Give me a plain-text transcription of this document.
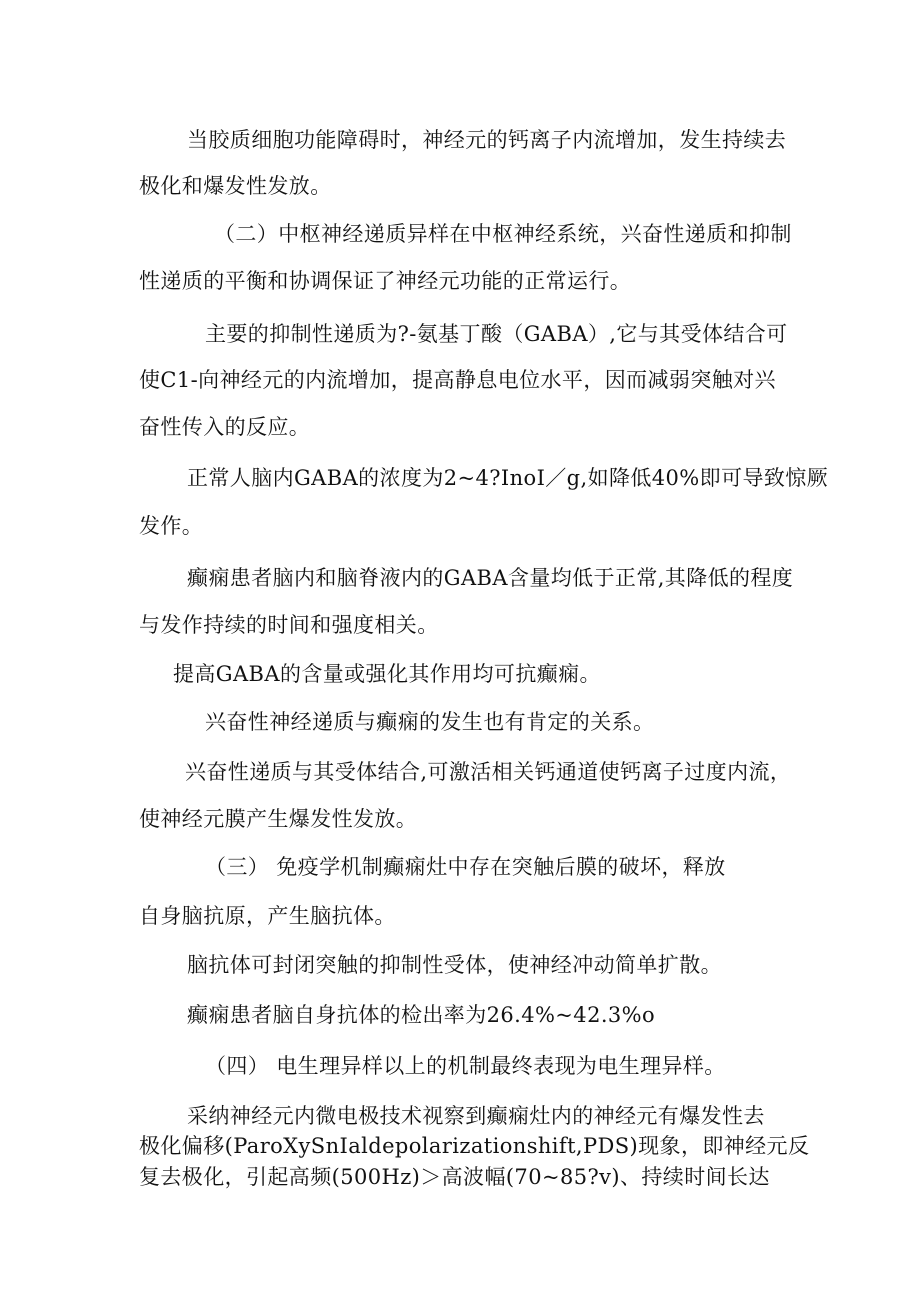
当胶质细胞功能障碍时，神经元的钙离子内流增加，发生持续去
极化和爆发性发放。
（二）中枢神经递质异样在中枢神经系统，兴奋性递质和抑制
性递质的平衡和协调保证了神经元功能的正常运行。
主要的抑制性递质为?-氨基丁酸（GABA）,它与其受体结合可
使C1-向神经元的内流增加，提高静息电位水平，因而减弱突触对兴
奋性传入的反应。
正常人脑内GABA的浓度为2~4?InoI／g,如降低40%即可导致惊厥
发作。
癫痫患者脑内和脑脊液内的GABA含量均低于正常,其降低的程度
与发作持续的时间和强度相关。
提高GABA的含量或强化其作用均可抗癫痫。
兴奋性神经递质与癫痫的发生也有肯定的关系。
兴奋性递质与其受体结合,可激活相关钙通道使钙离子过度内流，
使神经元膜产生爆发性发放。
（三） 免疫学机制癫痫灶中存在突触后膜的破坏，释放
自身脑抗原，产生脑抗体。
脑抗体可封闭突触的抑制性受体，使神经冲动简单扩散。
癫痫患者脑自身抗体的检出率为26.4%~42.3%o
（四） 电生理异样以上的机制最终表现为电生理异样。
采纳神经元内微电极技术视察到癫痫灶内的神经元有爆发性去
极化偏移(ParoXySnIaldepolarizationshift,PDS)现象，即神经元反
复去极化，引起高频(500Hz)＞高波幅(70~85?v)、持续时间长达
